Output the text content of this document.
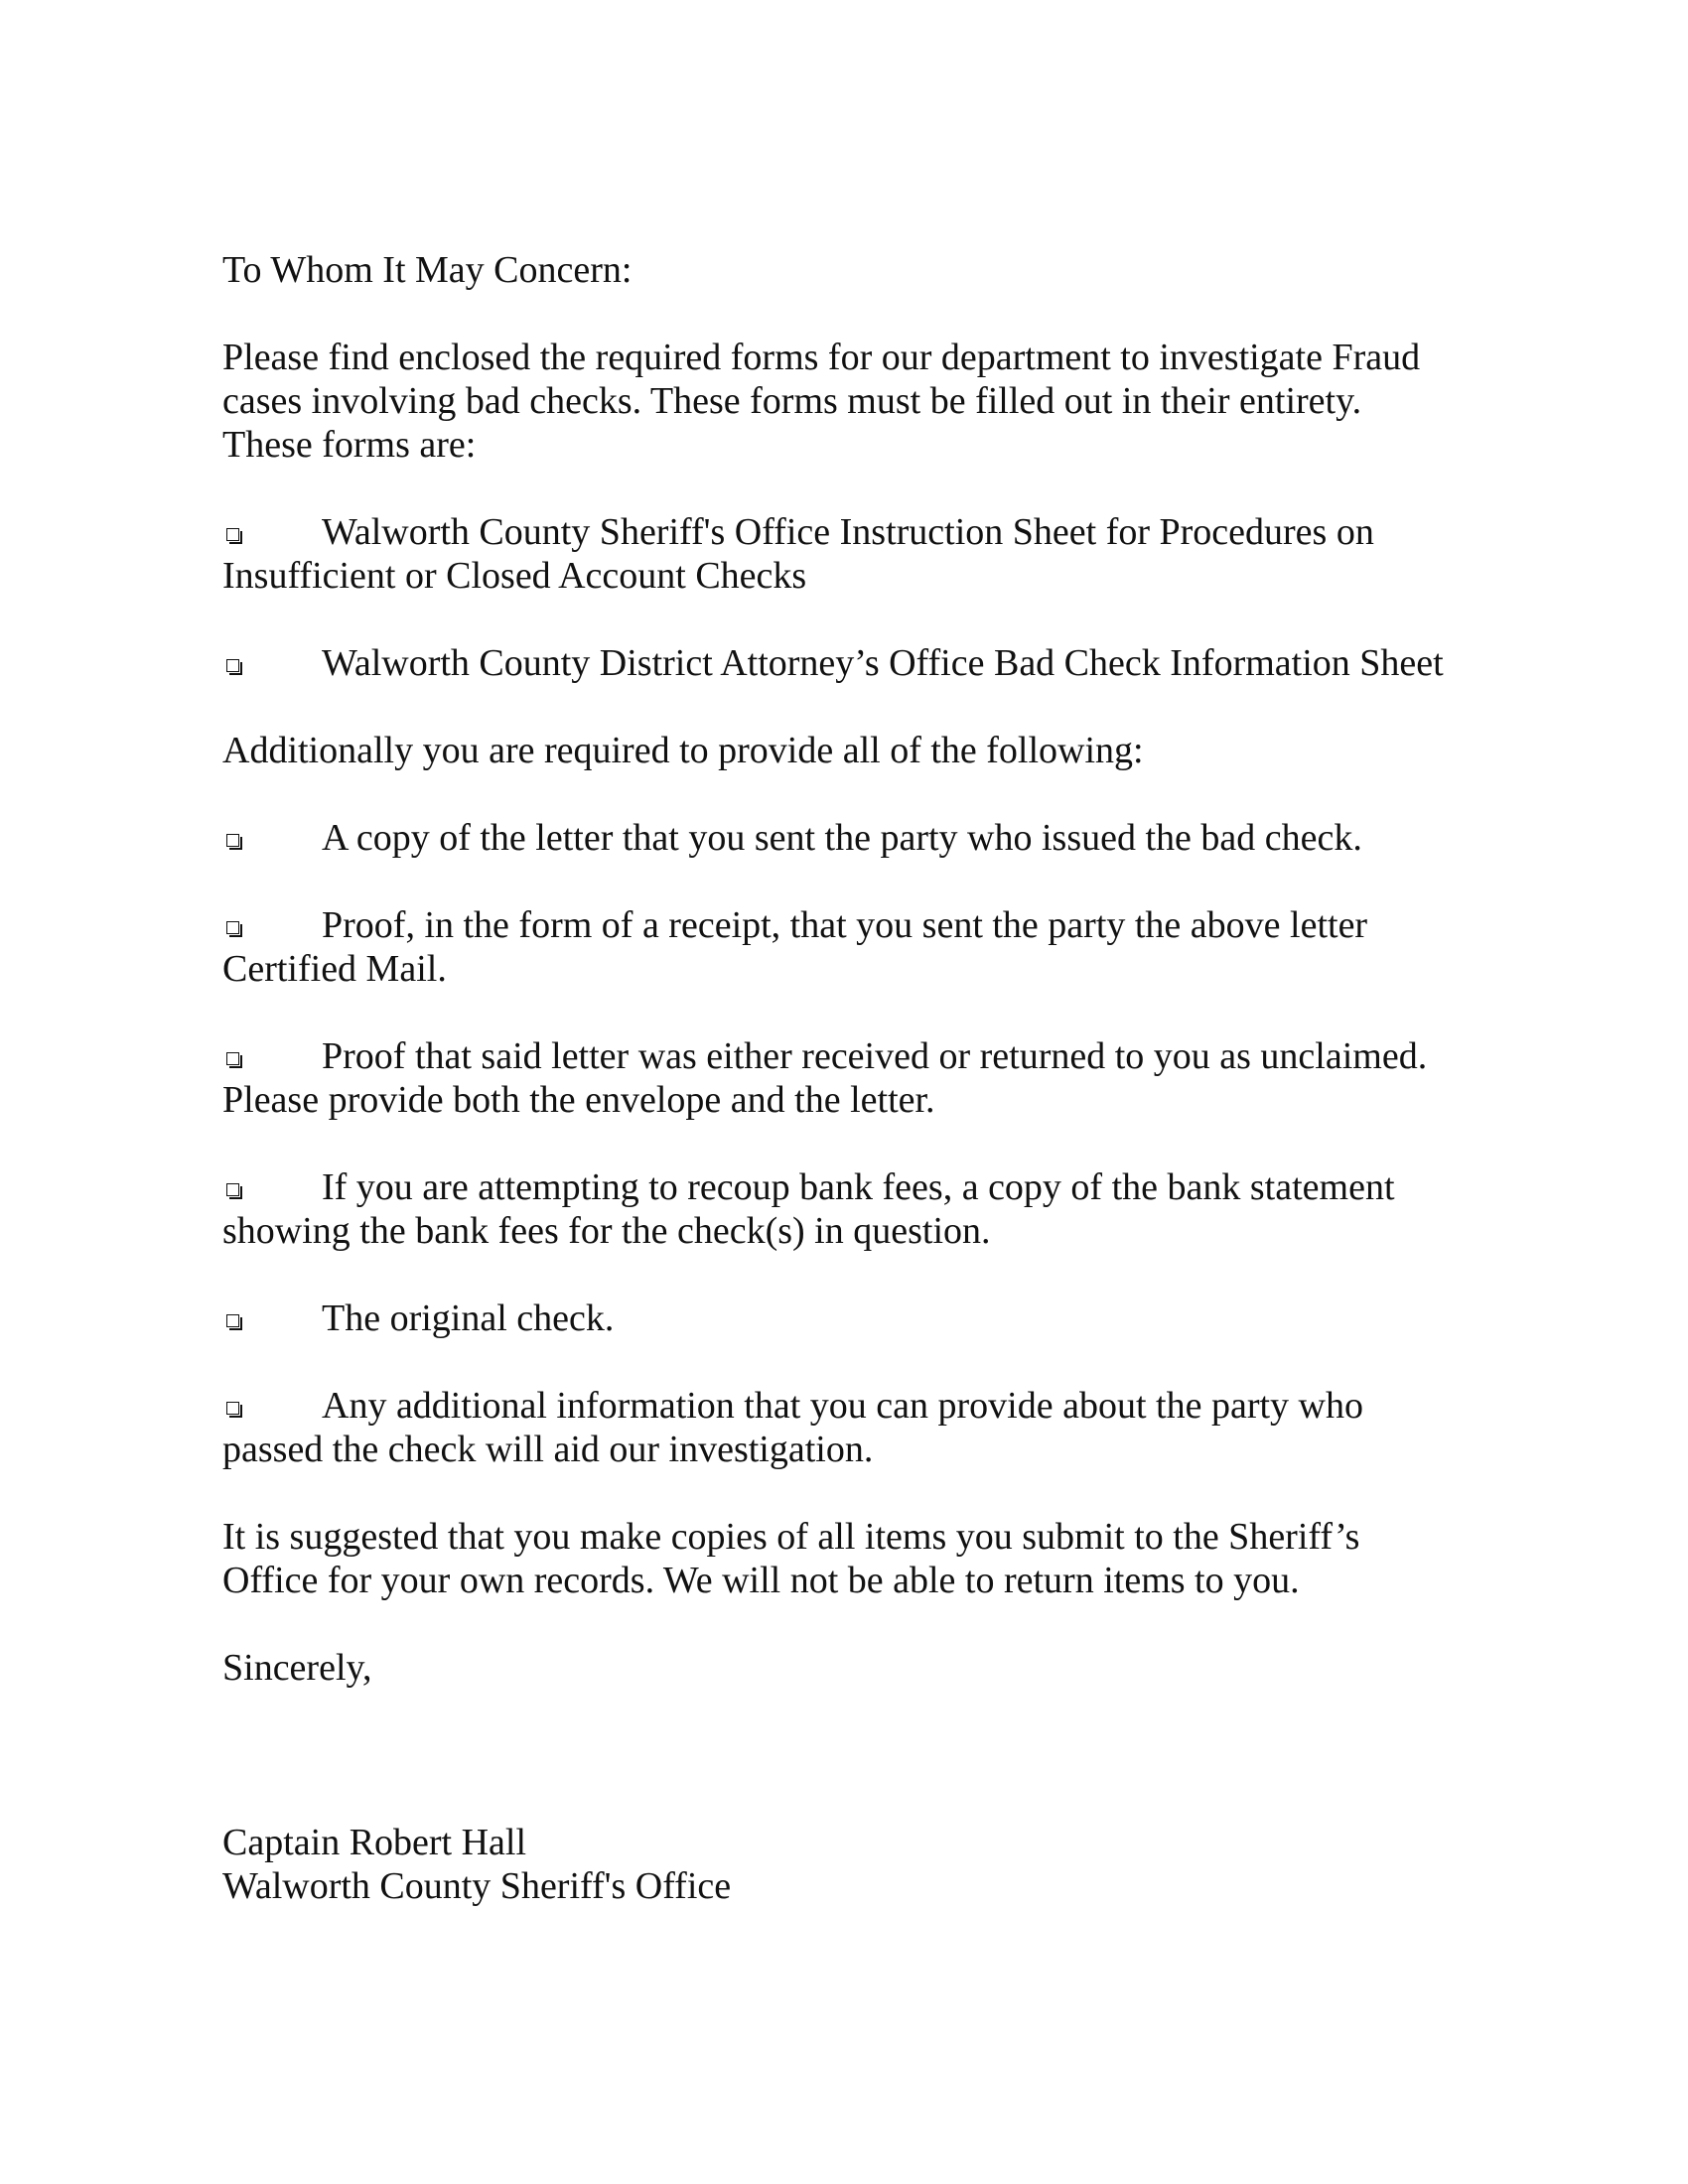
To Whom It May Concern:
Please find enclosed the required forms for our department to investigate Fraud
cases involving bad checks. These forms must be filled out in their entirety.
These forms are:
Walworth County Sheriff's Office Instruction Sheet for Procedures on
Insufficient or Closed Account Checks
Walworth County District Attorney’s Office Bad Check Information Sheet
Additionally you are required to provide all of the following:
A copy of the letter that you sent the party who issued the bad check.
Proof, in the form of a receipt, that you sent the party the above letter
Certified Mail.
Proof that said letter was either received or returned to you as unclaimed.
Please provide both the envelope and the letter.
If you are attempting to recoup bank fees, a copy of the bank statement
showing the bank fees for the check(s) in question.
The original check.
Any additional information that you can provide about the party who
passed the check will aid our investigation.
It is suggested that you make copies of all items you submit to the Sheriff’s
Office for your own records. We will not be able to return items to you.
Sincerely,
Captain Robert Hall
Walworth County Sheriff's Office
